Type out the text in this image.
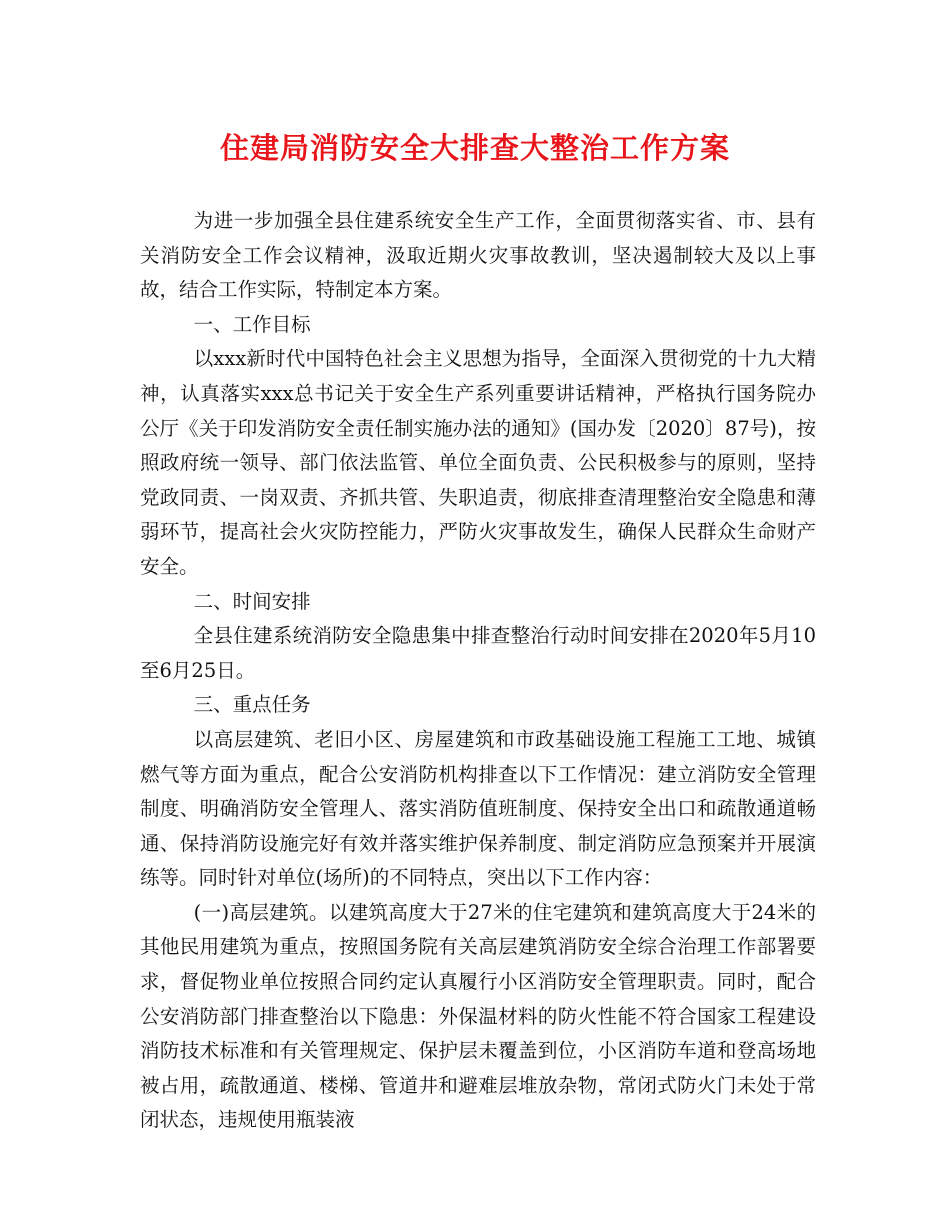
住建局消防安全大排查大整治工作方案

为进一步加强全县住建系统安全生产工作，全面贯彻落实省、市、县有关消防安全工作会议精神，汲取近期火灾事故教训，坚决遏制较大及以上事故，结合工作实际，特制定本方案。

一、工作目标

以xxx新时代中国特色社会主义思想为指导，全面深入贯彻党的十九大精神，认真落实xxx总书记关于安全生产系列重要讲话精神，严格执行国务院办公厅《关于印发消防安全责任制实施办法的通知》(国办发〔2020〕87号)，按照政府统一领导、部门依法监管、单位全面负责、公民积极参与的原则，坚持党政同责、一岗双责、齐抓共管、失职追责，彻底排查清理整治安全隐患和薄弱环节，提高社会火灾防控能力，严防火灾事故发生，确保人民群众生命财产安全。

二、时间安排

全县住建系统消防安全隐患集中排查整治行动时间安排在2020年5月10至6月25日。

三、重点任务

以高层建筑、老旧小区、房屋建筑和市政基础设施工程施工工地、城镇燃气等方面为重点，配合公安消防机构排查以下工作情况：建立消防安全管理制度、明确消防安全管理人、落实消防值班制度、保持安全出口和疏散通道畅通、保持消防设施完好有效并落实维护保养制度、制定消防应急预案并开展演练等。同时针对单位(场所)的不同特点，突出以下工作内容：

(一)高层建筑。以建筑高度大于27米的住宅建筑和建筑高度大于24米的其他民用建筑为重点，按照国务院有关高层建筑消防安全综合治理工作部署要求，督促物业单位按照合同约定认真履行小区消防安全管理职责。同时，配合公安消防部门排查整治以下隐患：外保温材料的防火性能不符合国家工程建设消防技术标准和有关管理规定、保护层未覆盖到位，小区消防车道和登高场地被占用，疏散通道、楼梯、管道井和避难层堆放杂物，常闭式防火门未处于常闭状态，违规使用瓶装液
